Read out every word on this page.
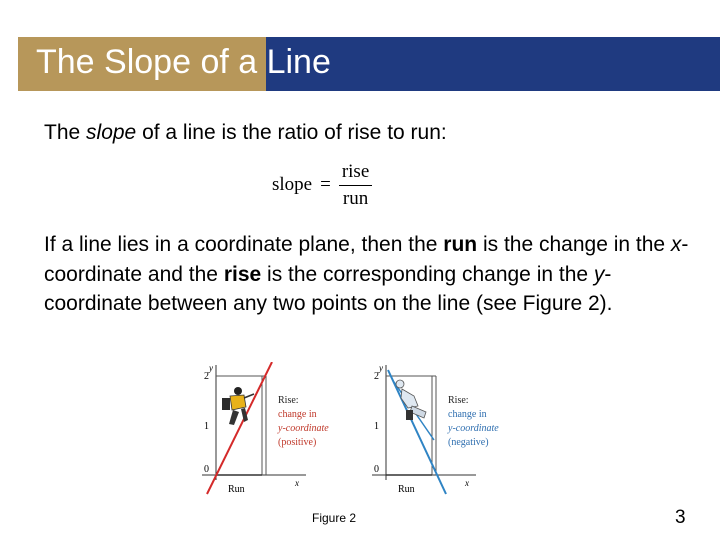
The Slope of a Line
The slope of a line is the ratio of rise to run:
slope = $\frac{\text{rise}}{\text{run}}$
If a line lies in a coordinate plane, then the run is the change in the x-coordinate and the rise is the corresponding change in the y-coordinate between any two points on the line (see Figure 2).
y
x
2
1
0
Rise:
change in
y-coordinate
(positive)
Run
y
x
2
1
0
Rise:
change in
y-coordinate
(negative)
Run
Figure 2	3
